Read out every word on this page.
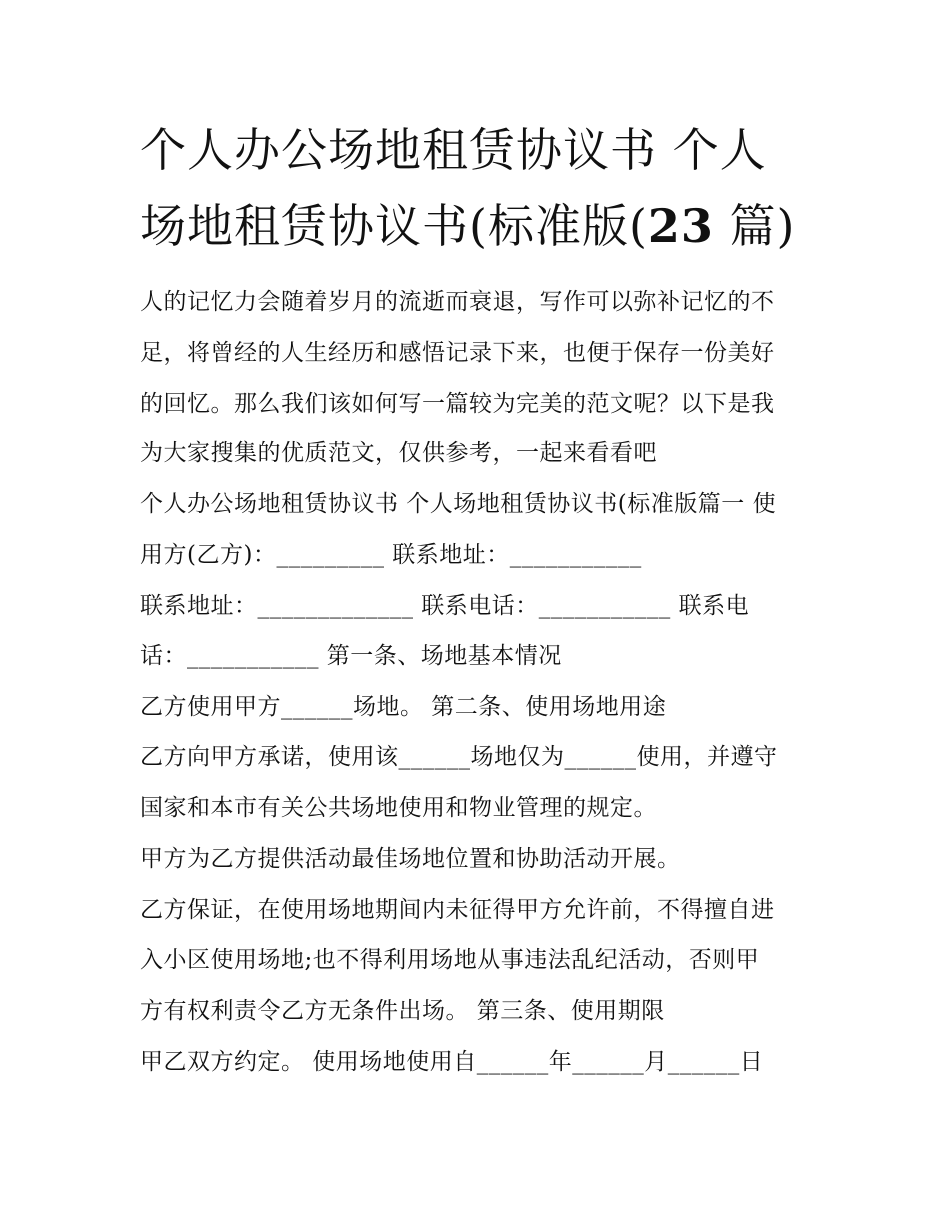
个人办公场地租赁协议书 个人
场地租赁协议书(标准版(23 篇)
人的记忆力会随着岁月的流逝而衰退，写作可以弥补记忆的不
足，将曾经的人生经历和感悟记录下来，也便于保存一份美好
的回忆。那么我们该如何写一篇较为完美的范文呢？以下是我
为大家搜集的优质范文，仅供参考，一起来看看吧
个人办公场地租赁协议书 个人场地租赁协议书(标准版篇一 使
用方(乙方)：_________ 联系地址：___________
联系地址：_____________ 联系电话：___________ 联系电
话：___________ 第一条、场地基本情况
乙方使用甲方______场地。 第二条、使用场地用途
乙方向甲方承诺，使用该______场地仅为______使用，并遵守
国家和本市有关公共场地使用和物业管理的规定。
甲方为乙方提供活动最佳场地位置和协助活动开展。
乙方保证，在使用场地期间内未征得甲方允许前，不得擅自进
入小区使用场地;也不得利用场地从事违法乱纪活动，否则甲
方有权利责令乙方无条件出场。 第三条、使用期限
甲乙双方约定。 使用场地使用自______年______月______日
